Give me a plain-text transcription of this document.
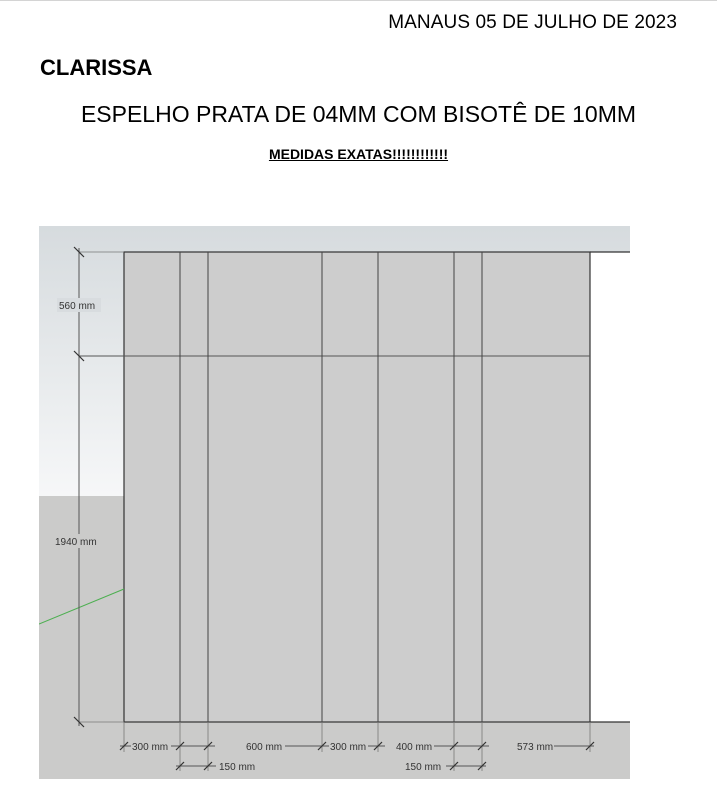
MANAUS 05 DE JULHO DE 2023
CLARISSA
ESPELHO PRATA DE 04MM COM BISOTÊ DE 10MM
MEDIDAS EXATAS!!!!!!!!!!!!
560 mm
1940 mm
300 mm	600 mm	300 mm	400 mm	573 mm
150 mm	150 mm
